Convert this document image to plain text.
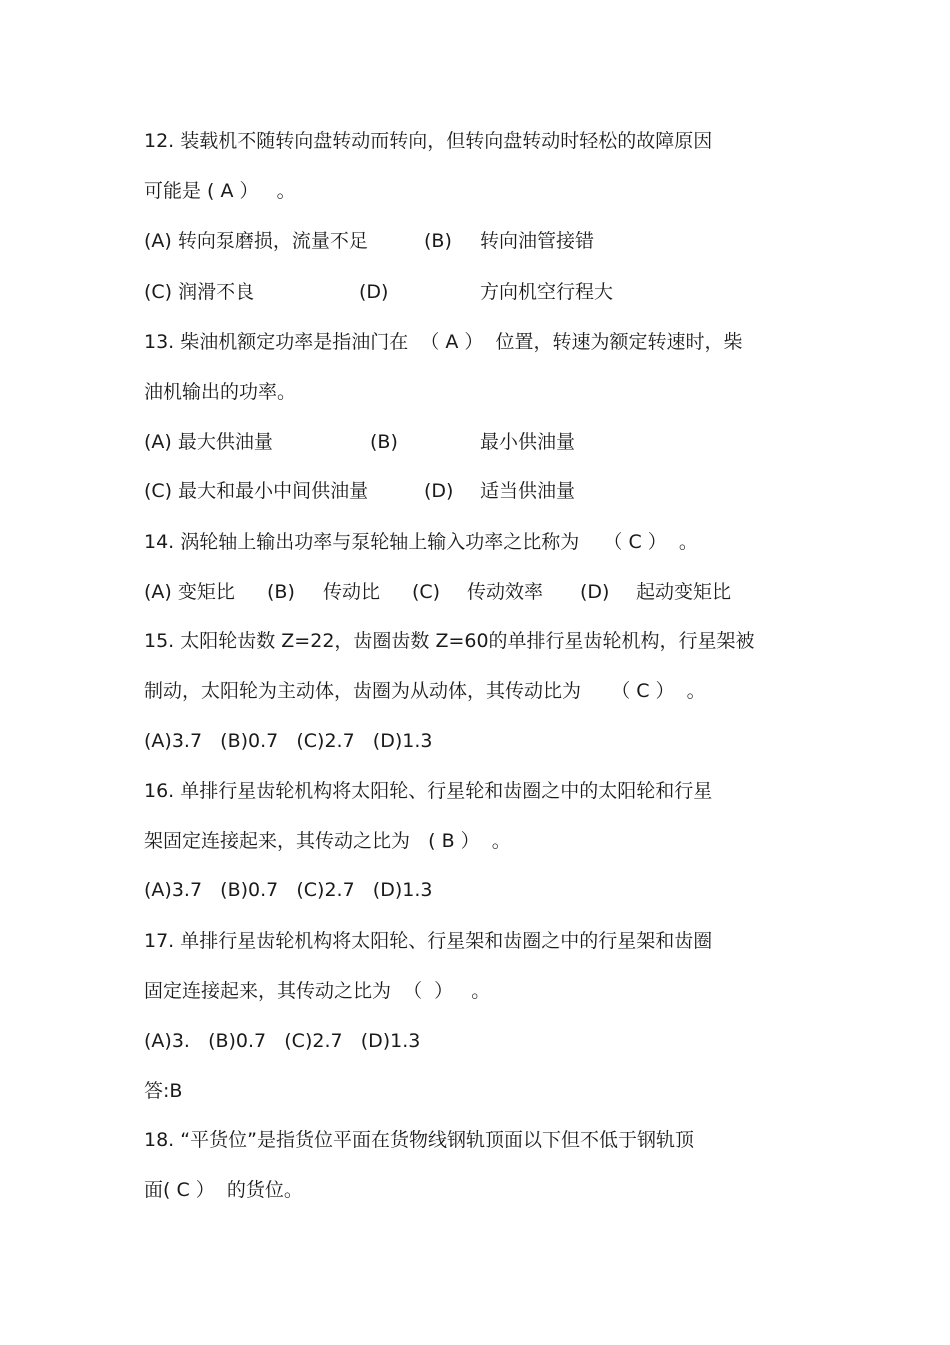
12. 装载机不随转向盘转动而转向，但转向盘转动时轻松的故障原因
可能是 ( A ）   。

(A) 转向泵磨损，流量不足

	(B)

转向油管接错

(C) 润滑不良

	(D)

	方向机空行程大

13. 柴油机额定功率是指油门在  （ A ）  位置，转速为额定转速时，柴
油机输出的功率。

(A) 最大供油量

	(B)

	最小供油量

(C) 最大和最小中间供油量

	(D)

适当供油量

14. 涡轮轴上输出功率与泵轮轴上输入功率之比称为    （ C ）  。

(A) 变矩比

(B)

传动比

(C)

传动效率

(D)

起动变矩比

15. 太阳轮齿数 Z=22，齿圈齿数 Z=60的单排行星齿轮机构，行星架被
制动，太阳轮为主动体，齿圈为从动体，其传动比为     （ C ）  。
(A)3.7   (B)0.7   (C)2.7   (D)1.3
16. 单排行星齿轮机构将太阳轮、行星轮和齿圈之中的太阳轮和行星
架固定连接起来，其传动之比为   ( B ）  。
(A)3.7   (B)0.7   (C)2.7   (D)1.3
17. 单排行星齿轮机构将太阳轮、行星架和齿圈之中的行星架和齿圈
固定连接起来，其传动之比为  （  ）   。
(A)3.   (B)0.7   (C)2.7   (D)1.3
答:B
18. “平货位”是指货位平面在货物线钢轨顶面以下但不低于钢轨顶
面( C ）  的货位。
